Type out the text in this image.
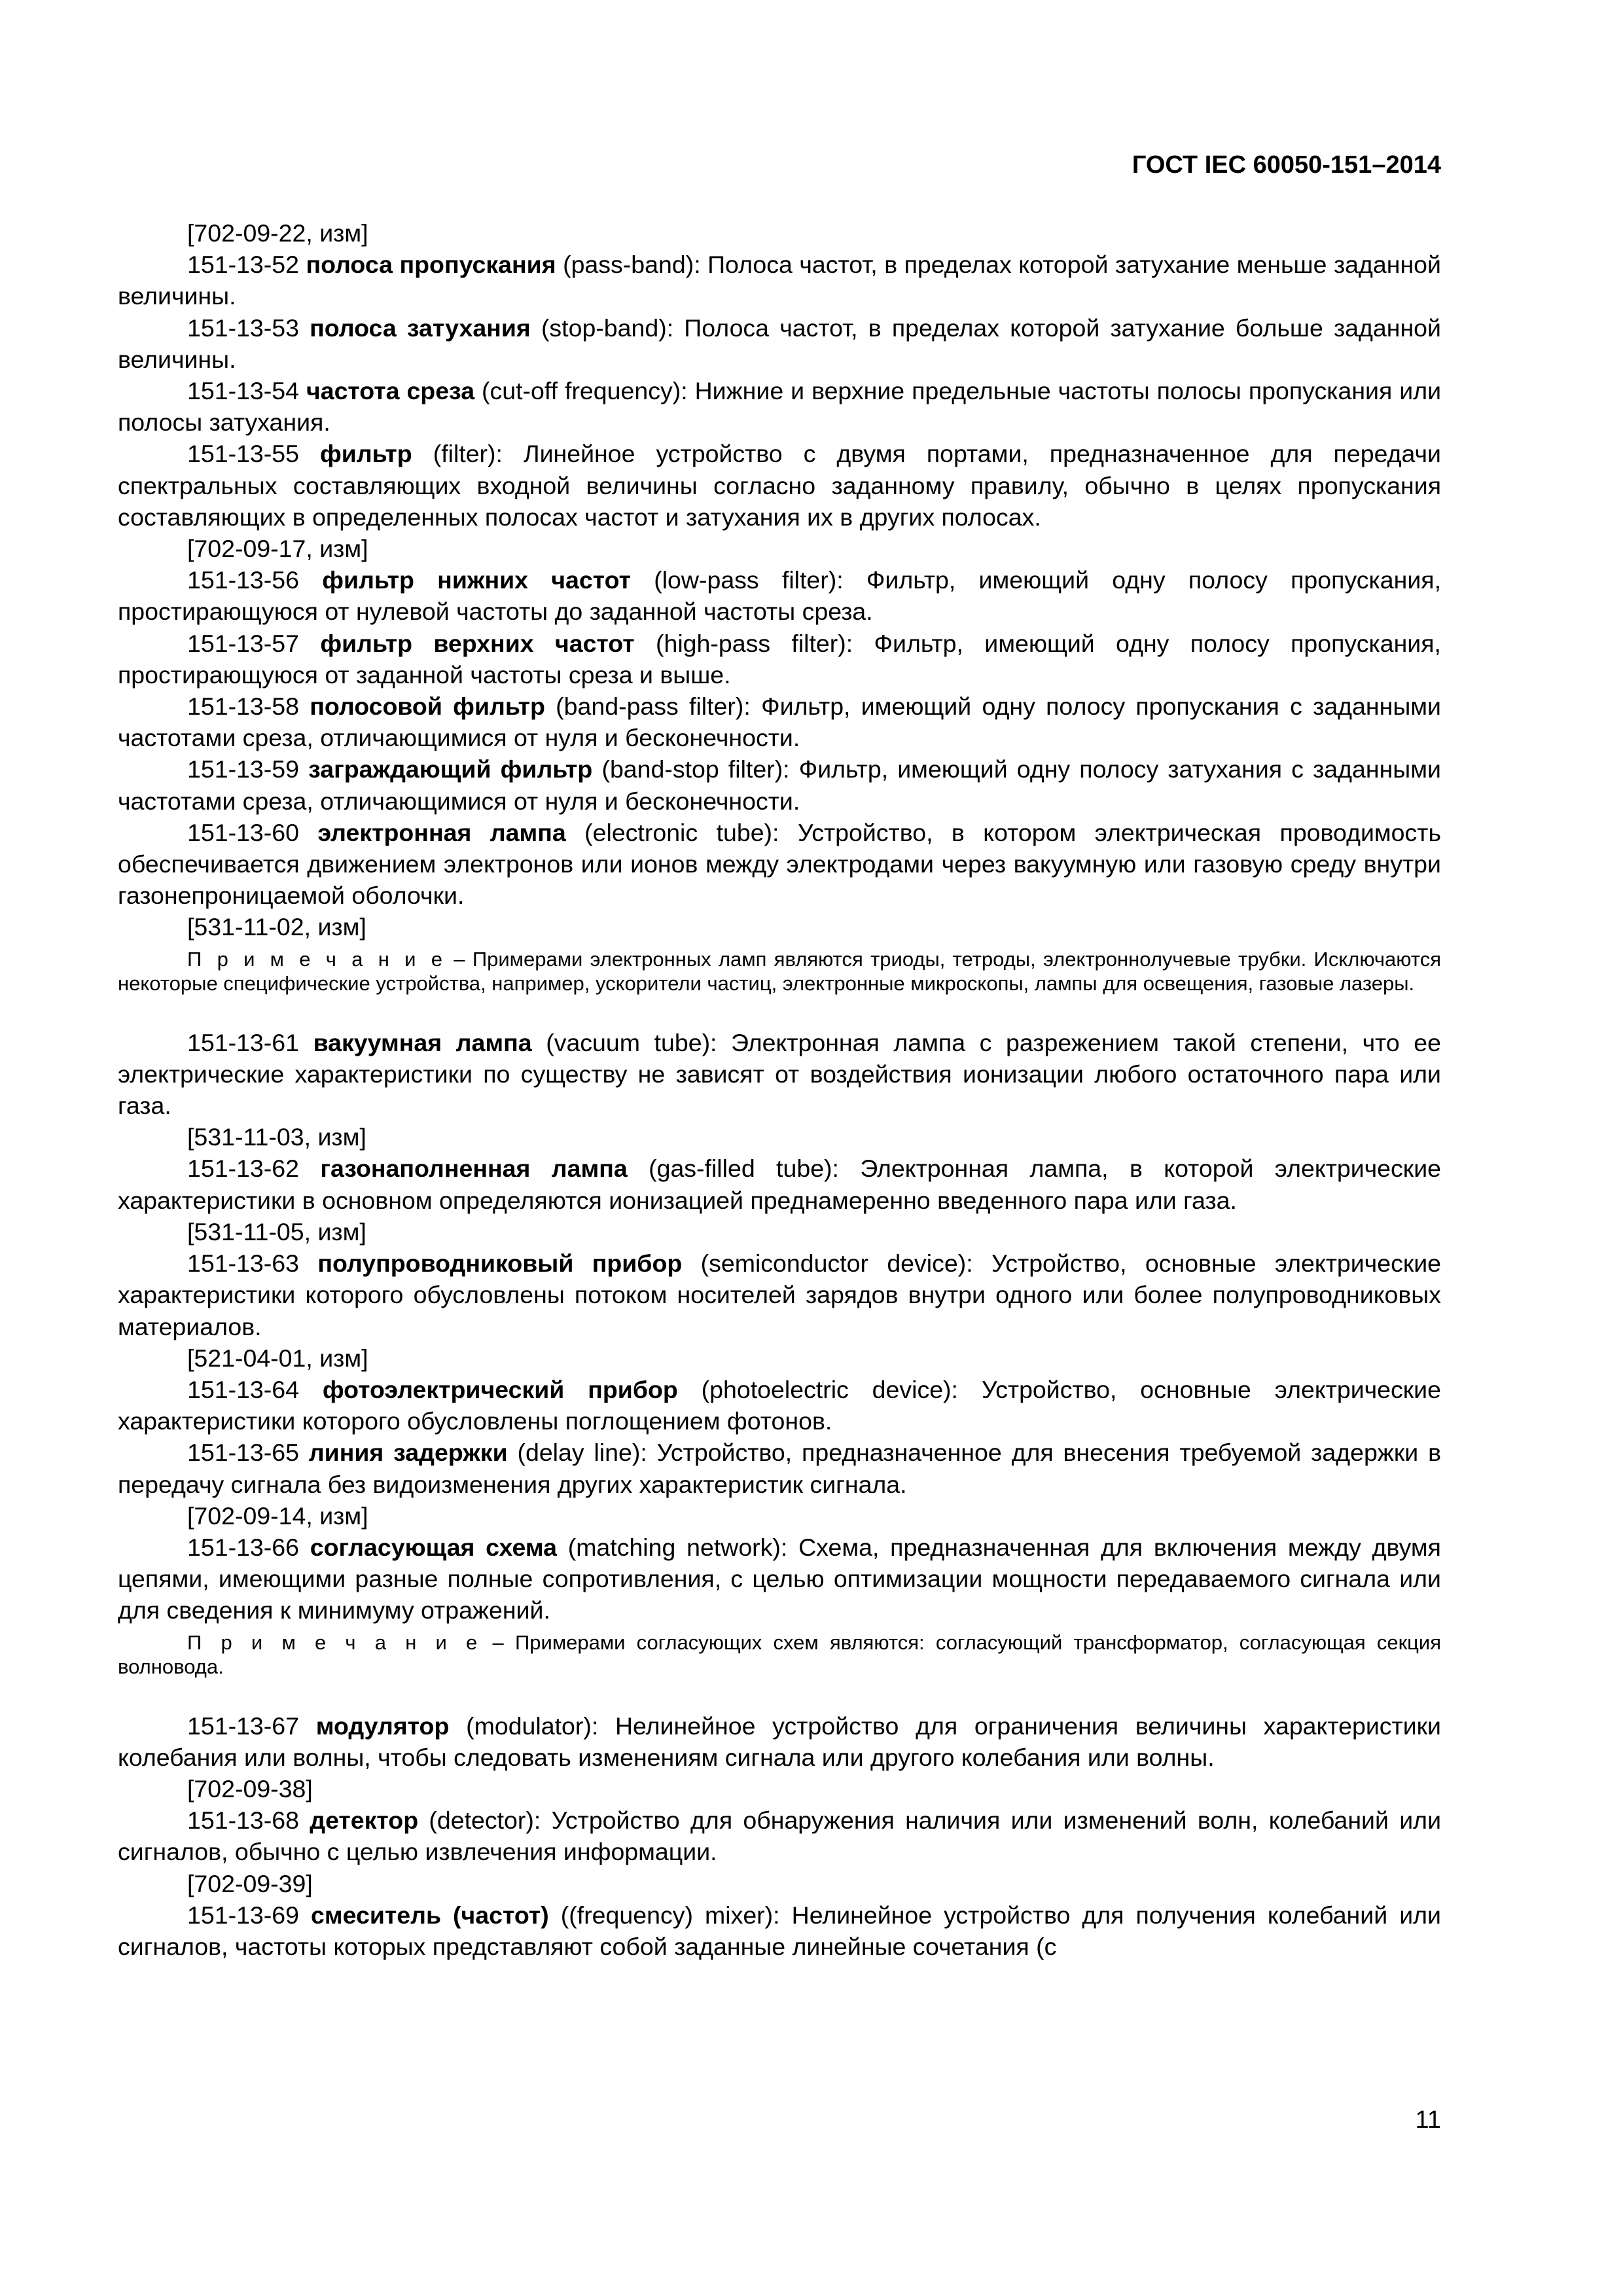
ГОСТ IEC 60050-151–2014

[702-09-22, изм]

151-13-52 полоса пропускания (pass-band): Полоса частот, в пределах которой затухание меньше заданной величины.

151-13-53 полоса затухания (stop-band): Полоса частот, в пределах которой затухание больше заданной величины.

151-13-54 частота среза (cut-off frequency): Нижние и верхние предельные частоты полосы пропускания или полосы затухания.

151-13-55 фильтр (filter): Линейное устройство с двумя портами, предназначенное для передачи спектральных составляющих входной величины согласно заданному правилу, обычно в целях пропускания составляющих в определенных полосах частот и затухания их в других полосах.

[702-09-17, изм]

151-13-56 фильтр нижних частот (low-pass filter): Фильтр, имеющий одну полосу пропускания, простирающуюся от нулевой частоты до заданной частоты среза.

151-13-57 фильтр верхних частот (high-pass filter): Фильтр, имеющий одну полосу пропускания, простирающуюся от заданной частоты среза и выше.

151-13-58 полосовой фильтр (band-pass filter): Фильтр, имеющий одну полосу пропускания с заданными частотами среза, отличающимися от нуля и бесконечности.

151-13-59 заграждающий фильтр (band-stop filter): Фильтр, имеющий одну полосу затухания с заданными частотами среза, отличающимися от нуля и бесконечности.

151-13-60 электронная лампа (electronic tube): Устройство, в котором электрическая проводимость обеспечивается движением электронов или ионов между электродами через вакуумную или газовую среду внутри газонепроницаемой оболочки.

[531-11-02, изм]

П р и м е ч а н и е – Примерами электронных ламп являются триоды, тетроды, электроннолучевые трубки. Исключаются некоторые специфические устройства, например, ускорители частиц, электронные микроскопы, лампы для освещения, газовые лазеры.

151-13-61 вакуумная лампа (vacuum tube): Электронная лампа с разрежением такой степени, что ее электрические характеристики по существу не зависят от воздействия ионизации любого остаточного пара или газа.

[531-11-03, изм]

151-13-62 газонаполненная лампа (gas-filled tube): Электронная лампа, в которой электрические характеристики в основном определяются ионизацией преднамеренно введенного пара или газа.

[531-11-05, изм]

151-13-63 полупроводниковый прибор (semiconductor device): Устройство, основные электрические характеристики которого обусловлены потоком носителей зарядов внутри одного или более полупроводниковых материалов.

[521-04-01, изм]

151-13-64 фотоэлектрический прибор (photoelectric device): Устройство, основные электрические характеристики которого обусловлены поглощением фотонов.

151-13-65 линия задержки (delay line): Устройство, предназначенное для внесения требуемой задержки в передачу сигнала без видоизменения других характеристик сигнала.

[702-09-14, изм]

151-13-66 согласующая схема (matching network): Схема, предназначенная для включения между двумя цепями, имеющими разные полные сопротивления, с целью оптимизации мощности передаваемого сигнала или для сведения к минимуму отражений.

П р и м е ч а н и е – Примерами согласующих схем являются: согласующий трансформатор, согласующая секция волновода.

151-13-67 модулятор (modulator): Нелинейное устройство для ограничения величины характеристики колебания или волны, чтобы следовать изменениям сигнала или другого колебания или волны.

[702-09-38]

151-13-68 детектор (detector): Устройство для обнаружения наличия или изменений волн, колебаний или сигналов, обычно с целью извлечения информации.

[702-09-39]

151-13-69 смеситель (частот) ((frequency) mixer): Нелинейное устройство для получения колебаний или сигналов, частоты которых представляют собой заданные линейные сочетания (с

11
